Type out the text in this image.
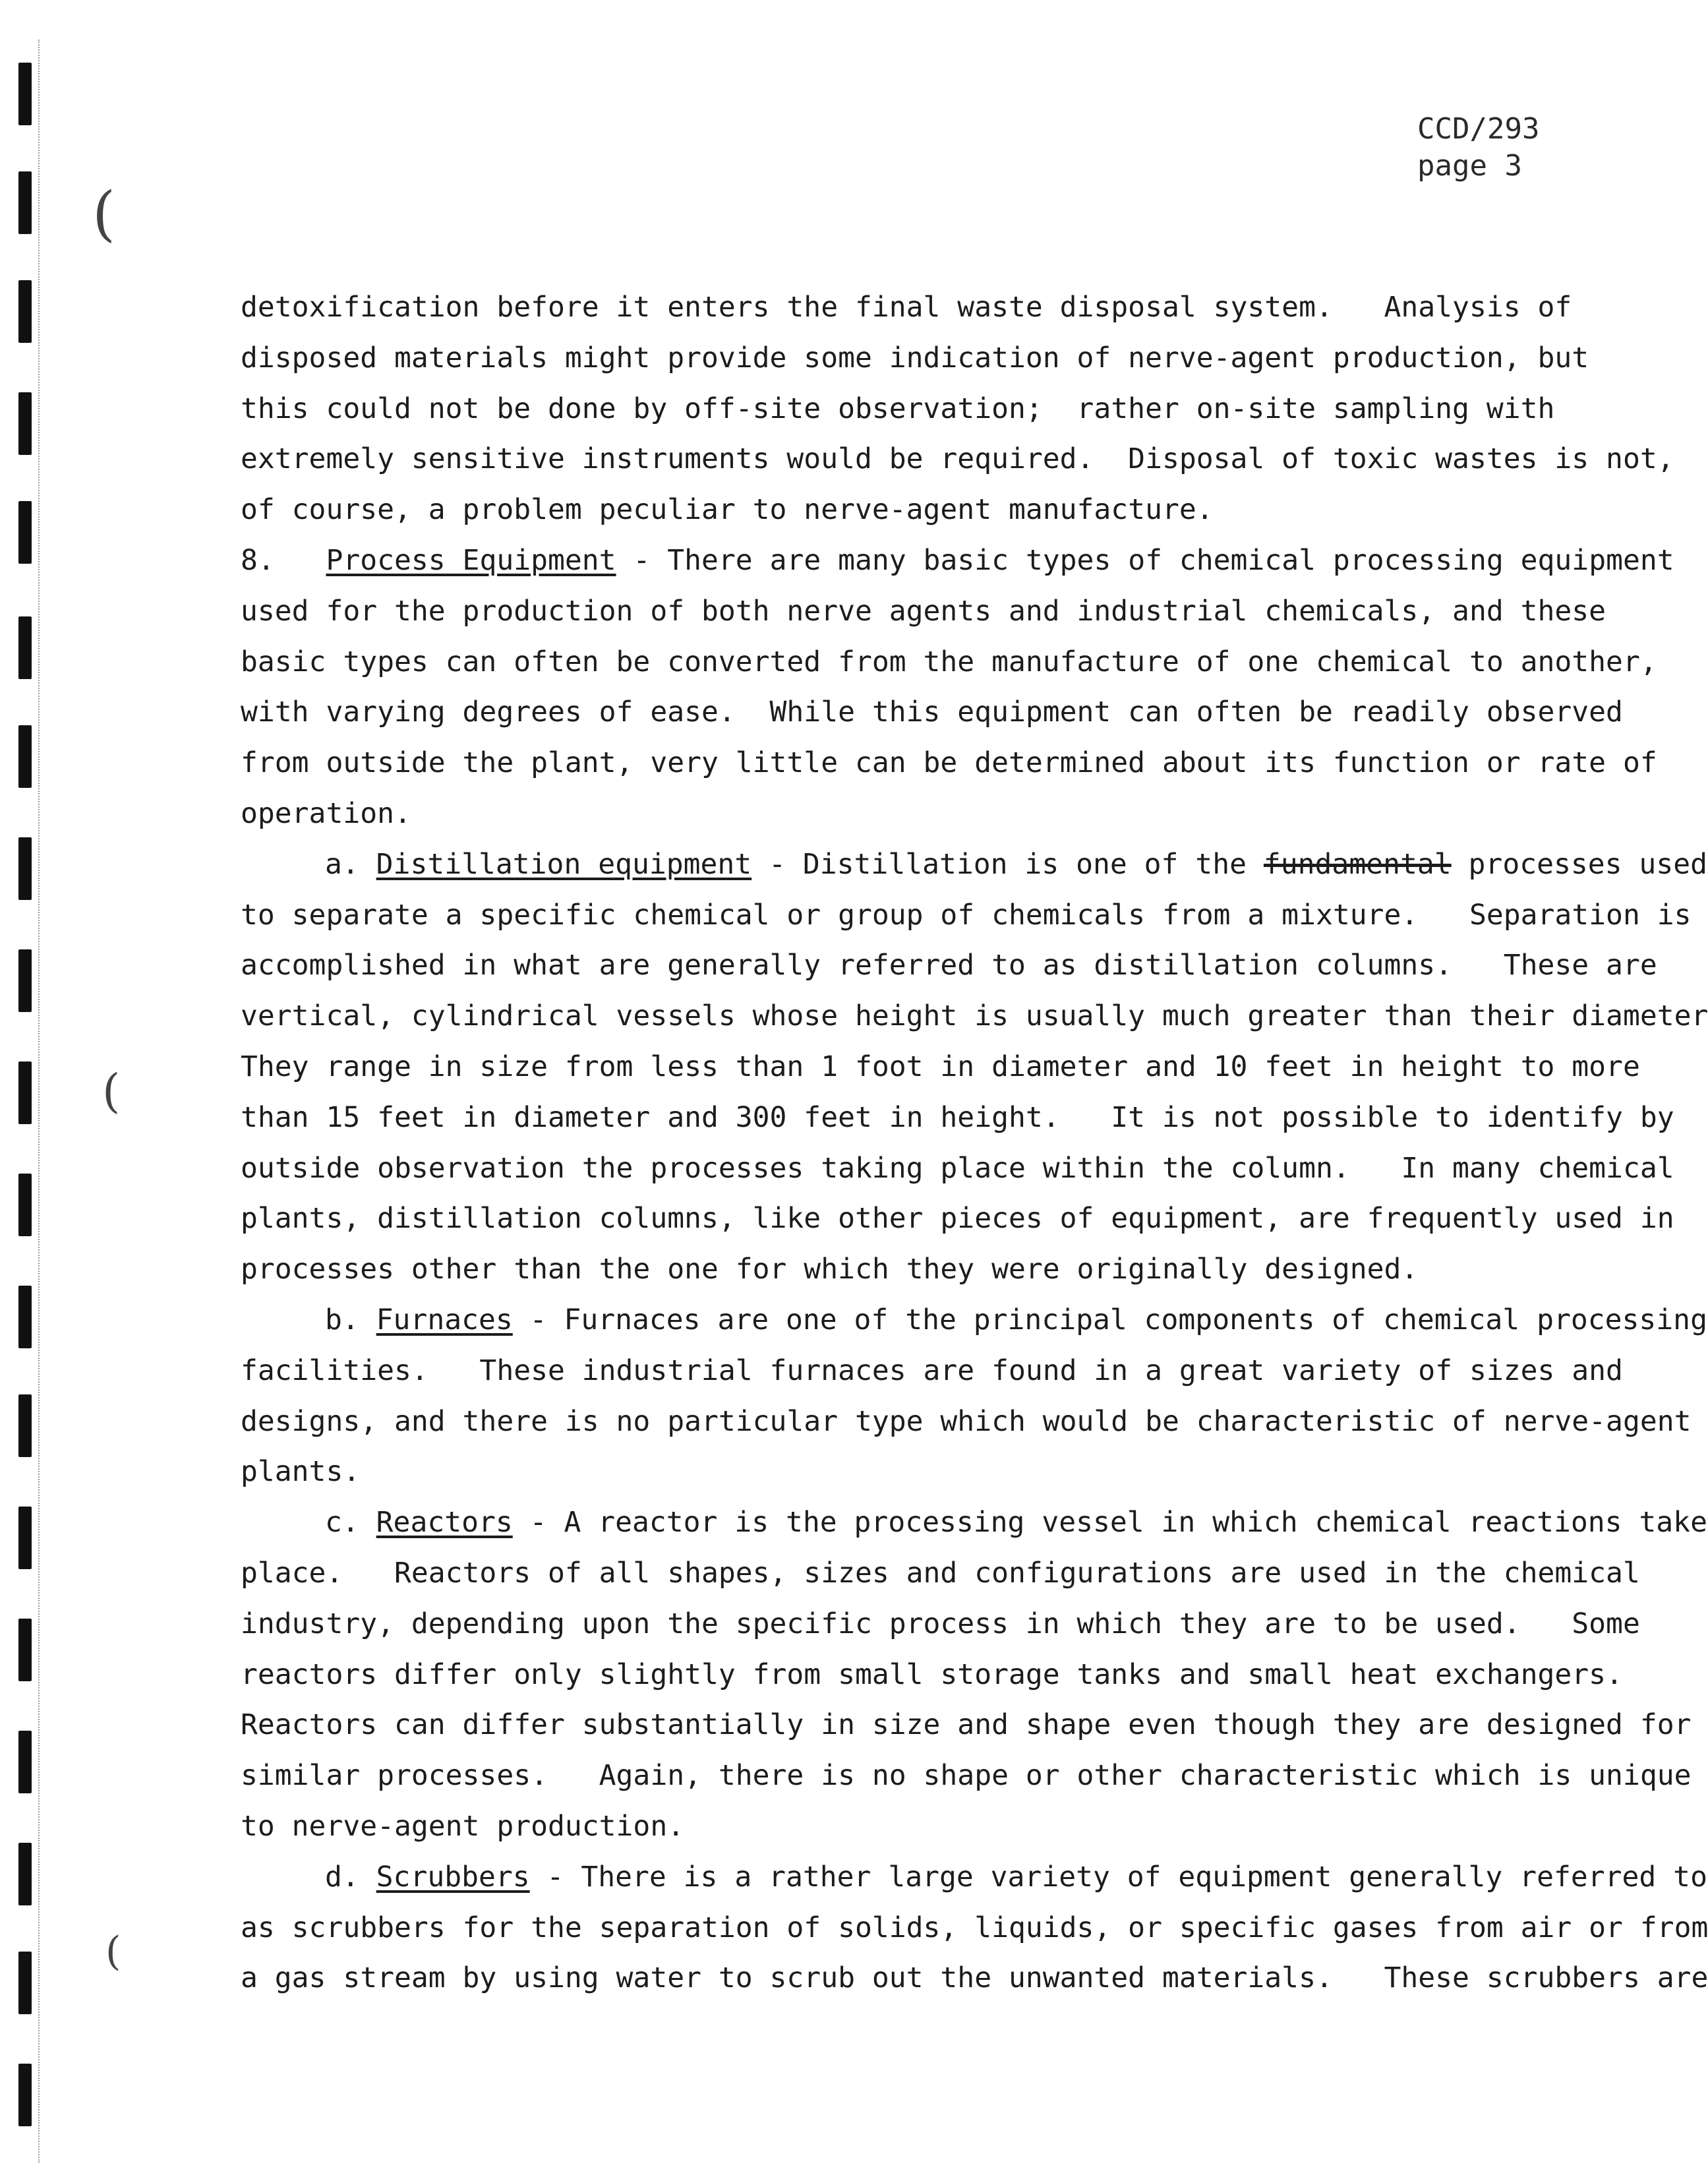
(
(
(
CCD/293
page 3
detoxification before it enters the final waste disposal system.   Analysis of
disposed materials might provide some indication of nerve-agent production, but
this could not be done by off-site observation;  rather on-site sampling with
extremely sensitive instruments would be required.  Disposal of toxic wastes is not,
of course, a problem peculiar to nerve-agent manufacture.
8. Process Equipment - There are many basic types of chemical processing equipment
used for the production of both nerve agents and industrial chemicals, and these
basic types can often be converted from the manufacture of one chemical to another,
with varying degrees of ease.  While this equipment can often be readily observed
from outside the plant, very little can be determined about its function or rate of
operation.
a. Distillation equipment - Distillation is one of the fundamental processes used
to separate a specific chemical or group of chemicals from a mixture.   Separation is
accomplished in what are generally referred to as distillation columns.   These are
vertical, cylindrical vessels whose height is usually much greater than their diameter
They range in size from less than 1 foot in diameter and 10 feet in height to more
than 15 feet in diameter and 300 feet in height.   It is not possible to identify by
outside observation the processes taking place within the column.   In many chemical
plants, distillation columns, like other pieces of equipment, are frequently used in
processes other than the one for which they were originally designed.
b. Furnaces - Furnaces are one of the principal components of chemical processing
facilities.   These industrial furnaces are found in a great variety of sizes and
designs, and there is no particular type which would be characteristic of nerve-agent
plants.
c. Reactors - A reactor is the processing vessel in which chemical reactions take
place.   Reactors of all shapes, sizes and configurations are used in the chemical
industry, depending upon the specific process in which they are to be used.   Some
reactors differ only slightly from small storage tanks and small heat exchangers.
Reactors can differ substantially in size and shape even though they are designed for
similar processes.   Again, there is no shape or other characteristic which is unique
to nerve-agent production.
d. Scrubbers - There is a rather large variety of equipment generally referred to
as scrubbers for the separation of solids, liquids, or specific gases from air or from
a gas stream by using water to scrub out the unwanted materials.   These scrubbers are
